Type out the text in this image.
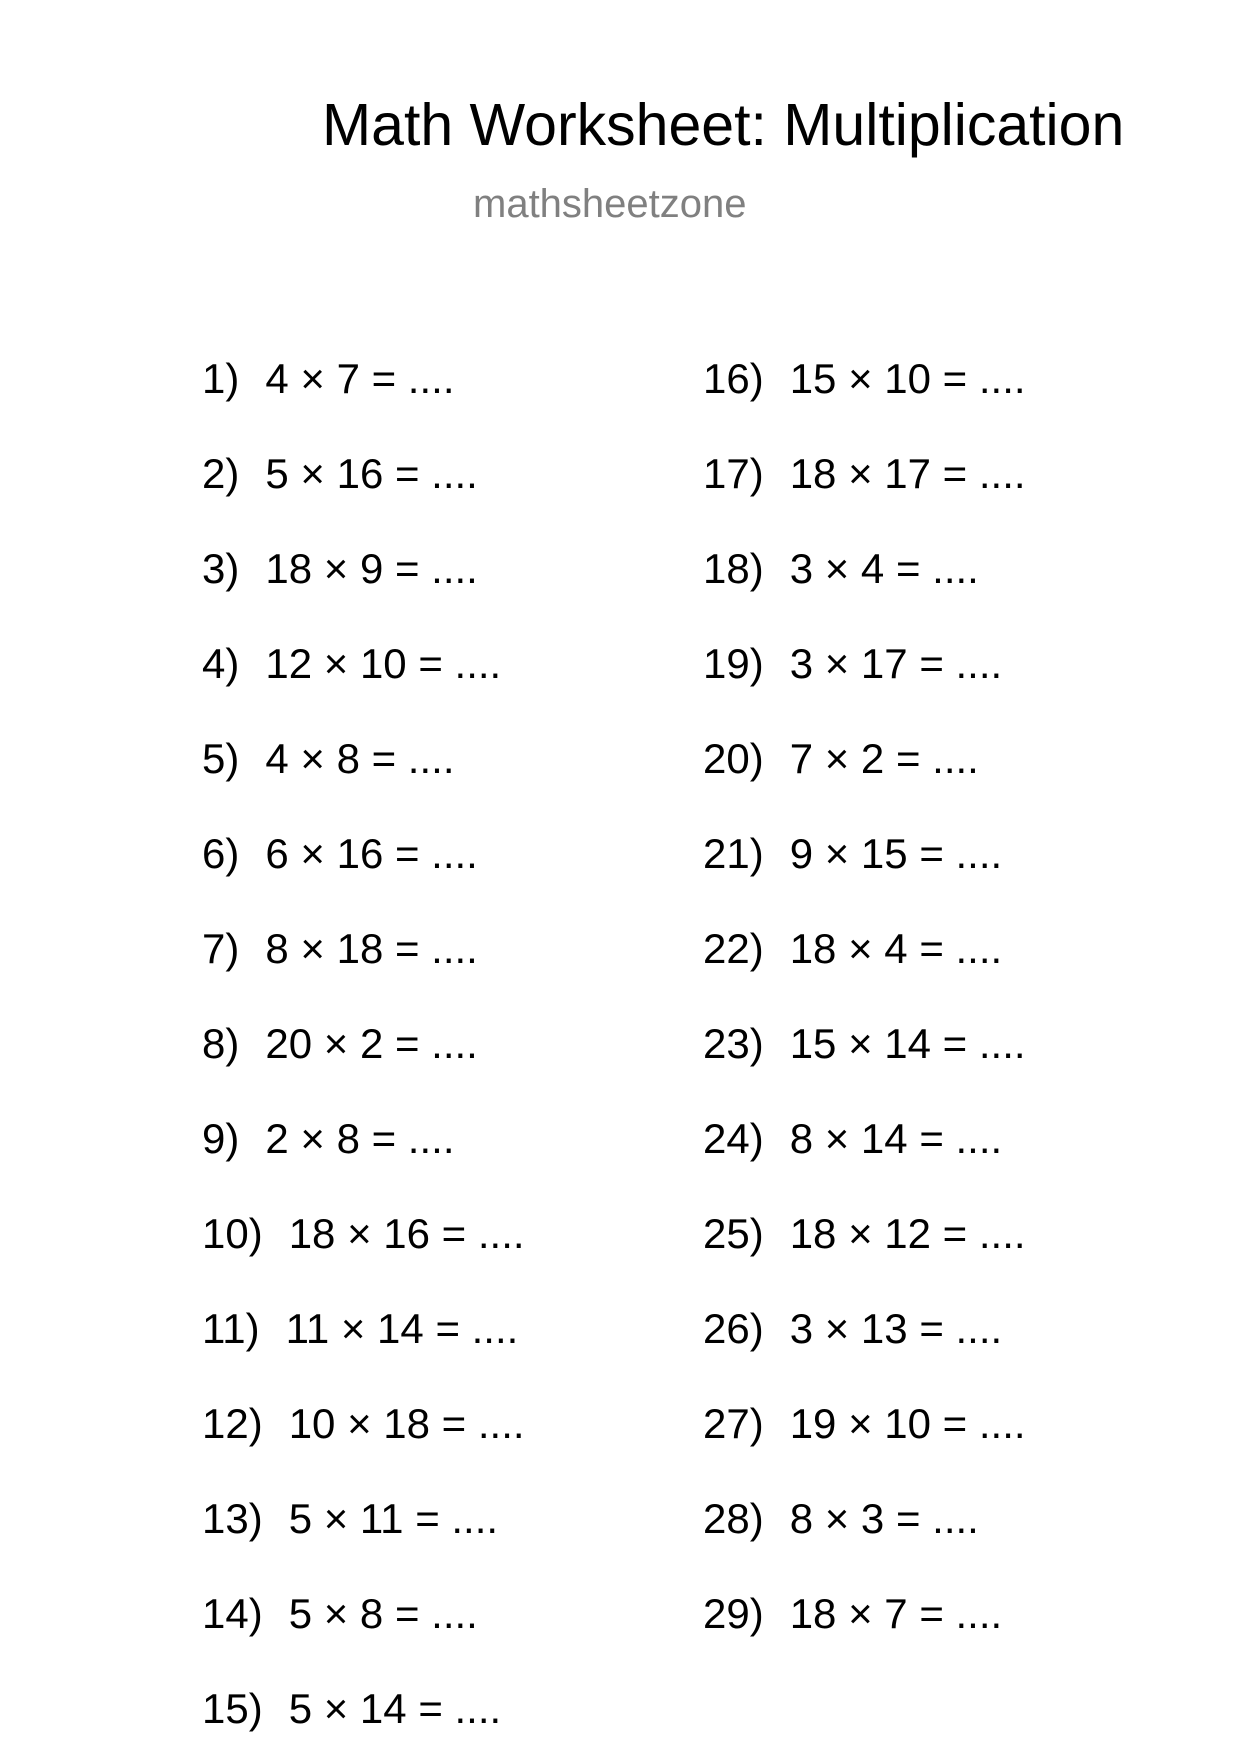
Math Worksheet: Multiplication
mathsheetzone
1) 4 × 7 = ....
2) 5 × 16 = ....
3) 18 × 9 = ....
4) 12 × 10 = ....
5) 4 × 8 = ....
6) 6 × 16 = ....
7) 8 × 18 = ....
8) 20 × 2 = ....
9) 2 × 8 = ....
10) 18 × 16 = ....
11) 11 × 14 = ....
12) 10 × 18 = ....
13) 5 × 11 = ....
14) 5 × 8 = ....
15) 5 × 14 = ....
16) 15 × 10 = ....
17) 18 × 17 = ....
18) 3 × 4 = ....
19) 3 × 17 = ....
20) 7 × 2 = ....
21) 9 × 15 = ....
22) 18 × 4 = ....
23) 15 × 14 = ....
24) 8 × 14 = ....
25) 18 × 12 = ....
26) 3 × 13 = ....
27) 19 × 10 = ....
28) 8 × 3 = ....
29) 18 × 7 = ....
